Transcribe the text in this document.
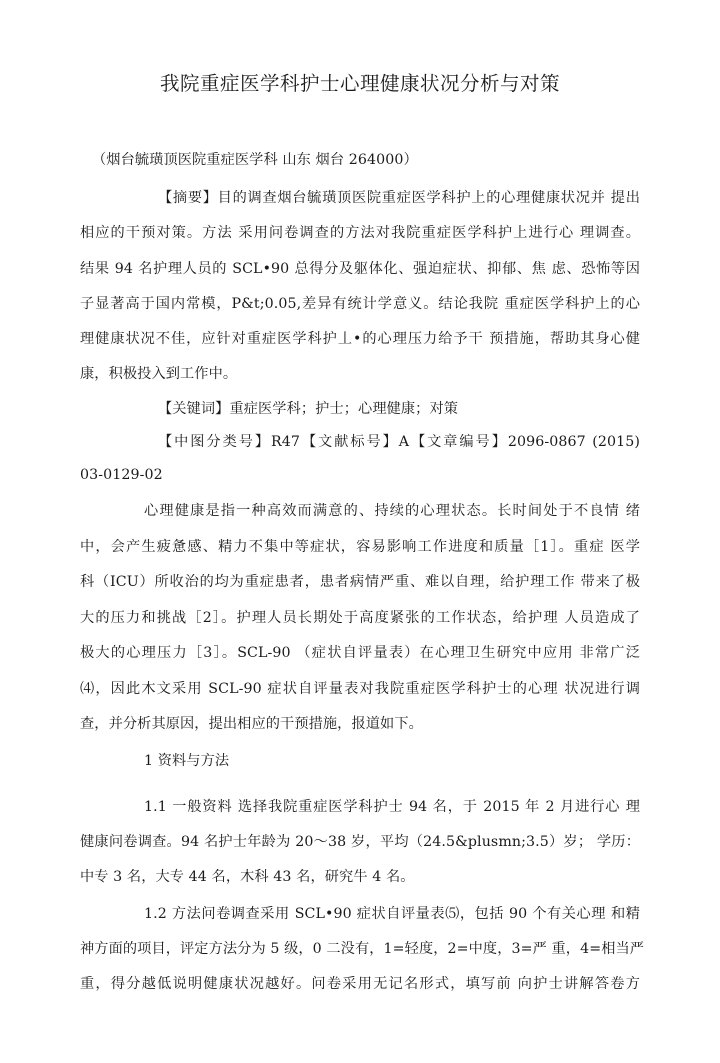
我院重症医学科护士心理健康状况分析与对策

（烟台毓璜顶医院重症医学科 山东 烟台 264000）

【摘要】目的调查烟台毓璜顶医院重症医学科护上的心理健康状况并 提出

相应的干预对策。方法 采用问卷调查的方法对我院重症医学科护上进行心 理调查。

结果 94 名护理人员的 SCL•90 总得分及躯体化、强迫症状、抑郁、焦 虑、恐怖等因

子显著高于国内常模，P&t;0.05,差异有统计学意义。结论我院 重症医学科护上的心

理健康状况不佳，应针对重症医学科护丄•的心理压力给予干 预措施，帮助其身心健

康，积极投入到工作中。

【关键词】重症医学科；护士；心理健康；对策

【中图分类号】R47【文献标号】A【文章编号】2096-0867 (2015)

03-0129-02

心理健康是指一种高效而满意的、持续的心理状态。长时间处于不良情 绪

中，会产生疲惫感、精力不集中等症状，容易影响工作进度和质量［1］。重症 医学

科（ICU）所收治的均为重症患者，患者病情严重、难以自理，给护理工作 带来了极

大的压力和挑战［2］。护理人员长期处于高度紧张的工作状态，给护理 人员造成了

极大的心理压力［3］。SCL-90 （症状自评量表）在心理卫生研究中应用 非常广泛

⑷，因此木文采用 SCL-90 症状自评量表对我院重症医学科护士的心理 状况进行调

查，并分析其原因，提出相应的干预措施，报道如下。

1 资料与方法

1.1 一般资料 选择我院重症医学科护士 94 名，于 2015 年 2 月进行心 理

健康问卷调查。94 名护士年龄为 20〜38 岁，平均（24.5&plusmn;3.5）岁； 学历：

中专 3 名，大专 44 名，木科 43 名，研究牛 4 名。

1.2 方法问卷调查采用 SCL•90 症状自评量表⑸，包括 90 个有关心理 和精

神方面的项目，评定方法分为 5 级，0 二没有，1=轻度，2=中度，3=严 重，4=相当严

重，得分越低说明健康状况越好。问卷采用无记名形式，填写前 向护士讲解答卷方
